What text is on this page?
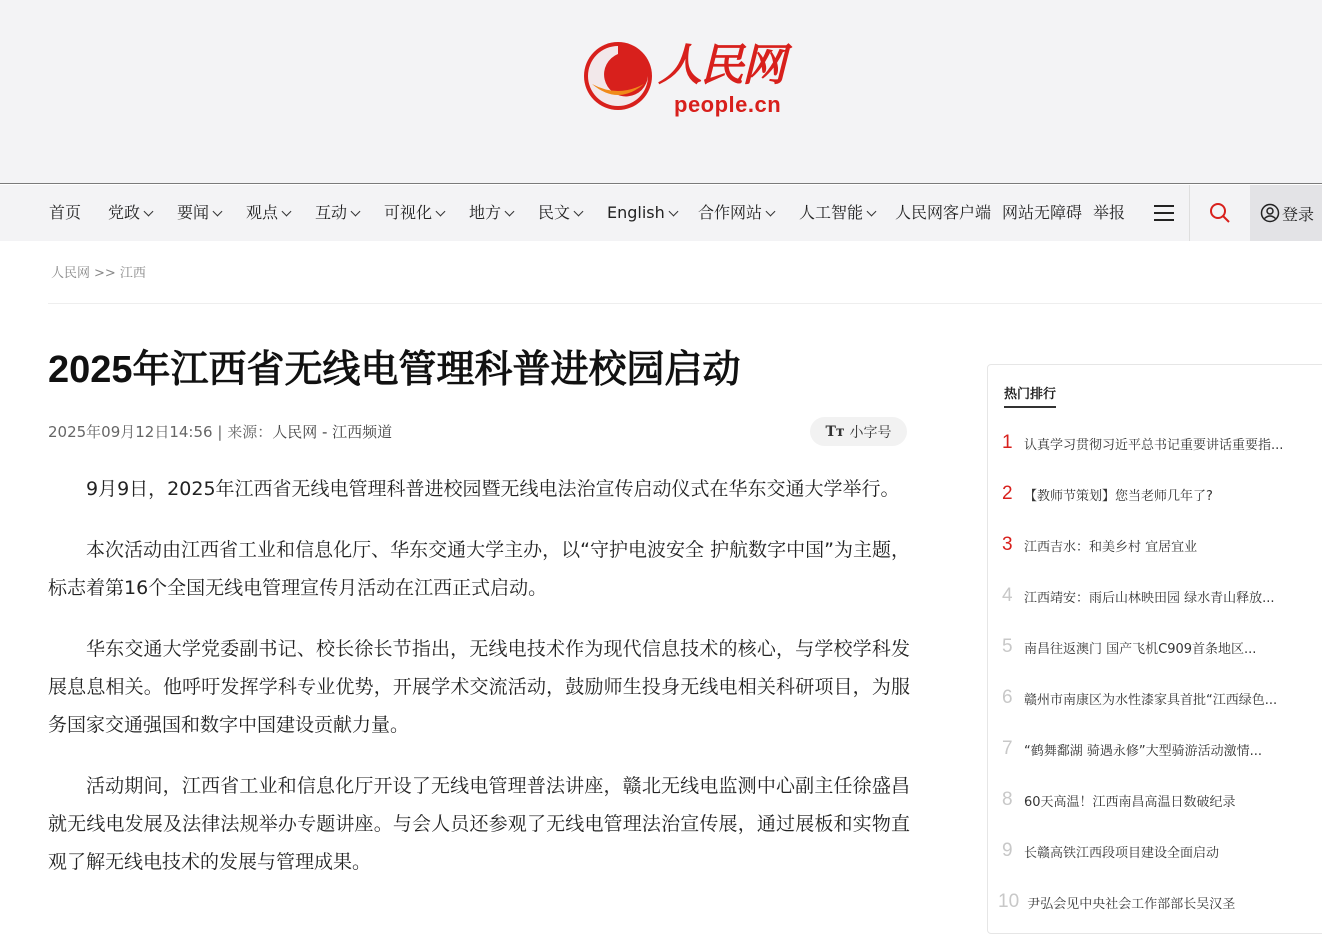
人民网
people.cn
首页 党政	要闻	观点	互动	可视化	地方	民文	English	合作网站	人工智能	人民网客户端 网站无障碍 举报	登录
人民网 >> 江西
2025年江西省无线电管理科普进校园启动
2025年09月12日14:56 | 来源：人民网 - 江西频道	Tт 小字号

9月9日，2025年江西省无线电管理科普进校园暨无线电法治宣传启动仪式在华东交通大学举行。

本次活动由江西省工业和信息化厅、华东交通大学主办，以“守护电波安全 护航数字中国”为主题，标志着第16个全国无线电管理宣传月活动在江西正式启动。

华东交通大学党委副书记、校长徐长节指出，无线电技术作为现代信息技术的核心，与学校学科发展息息相关。他呼吁发挥学科专业优势，开展学术交流活动，鼓励师生投身无线电相关科研项目，为服务国家交通强国和数字中国建设贡献力量。

活动期间，江西省工业和信息化厅开设了无线电管理普法讲座，赣北无线电监测中心副主任徐盛昌就无线电发展及法律法规举办专题讲座。与会人员还参观了无线电管理法治宣传展，通过展板和实物直观了解无线电技术的发展与管理成果。

热门排行
1 认真学习贯彻习近平总书记重要讲话重要指...
2 【教师节策划】您当老师几年了?
3 江西吉水：和美乡村 宜居宜业
4 江西靖安：雨后山林映田园 绿水青山释放...
5 南昌往返澳门 国产飞机C909首条地区...
6 赣州市南康区为水性漆家具首批“江西绿色...
7 “鹤舞鄱湖 骑遇永修”大型骑游活动激情...
8 60天高温！江西南昌高温日数破纪录
9 长赣高铁江西段项目建设全面启动
10 尹弘会见中央社会工作部部长吴汉圣
